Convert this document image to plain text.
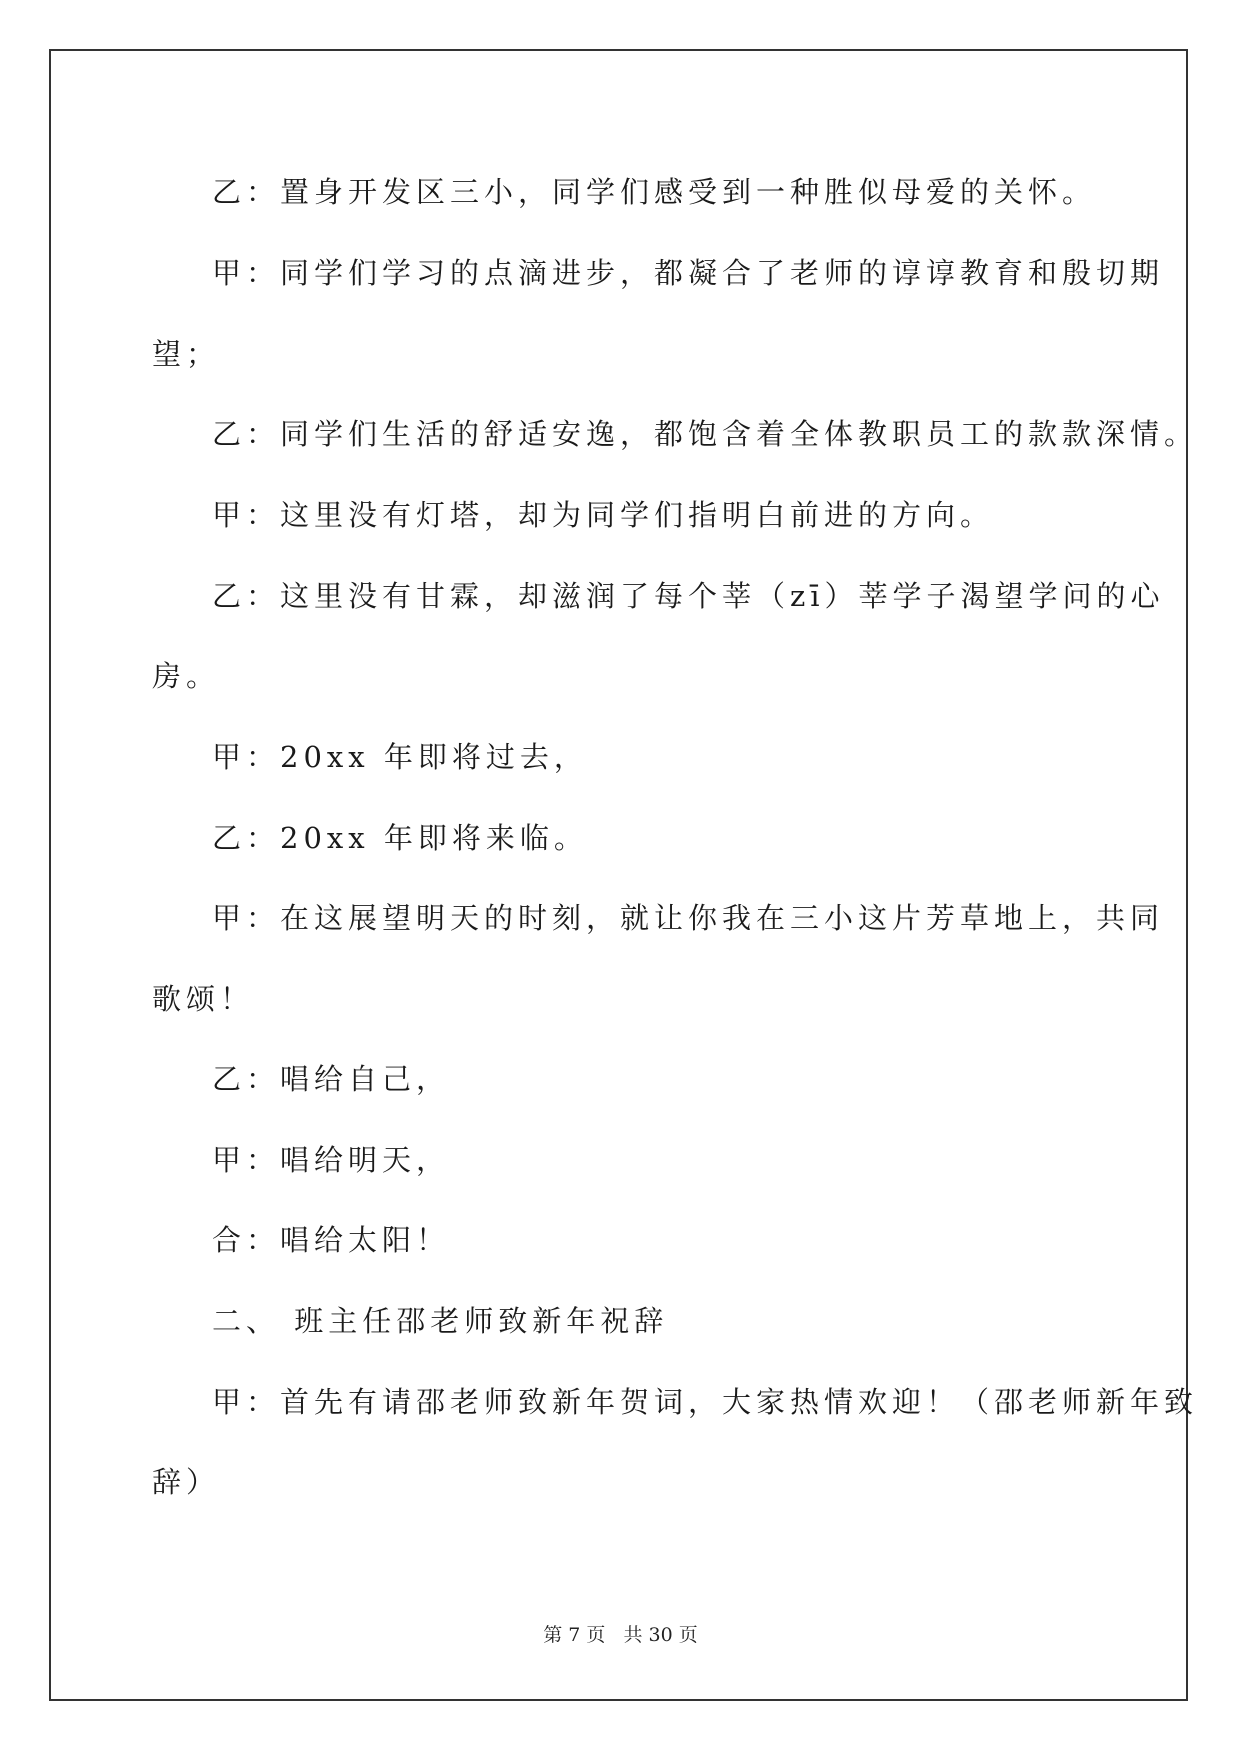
乙：置身开发区三小，同学们感受到一种胜似母爱的关怀。
甲：同学们学习的点滴进步，都凝合了老师的谆谆教育和殷切期
望；
乙：同学们生活的舒适安逸，都饱含着全体教职员工的款款深情。
甲：这里没有灯塔，却为同学们指明白前进的方向。
乙：这里没有甘霖，却滋润了每个莘（zī）莘学子渴望学问的心
房。
甲：20xx 年即将过去，
乙：20xx 年即将来临。
甲：在这展望明天的时刻，就让你我在三小这片芳草地上，共同
歌颂！
乙：唱给自己，
甲：唱给明天，
合：唱给太阳！
二、 班主任邵老师致新年祝辞
甲：首先有请邵老师致新年贺词，大家热情欢迎！（邵老师新年致
辞）
第 7 页 共 30 页
